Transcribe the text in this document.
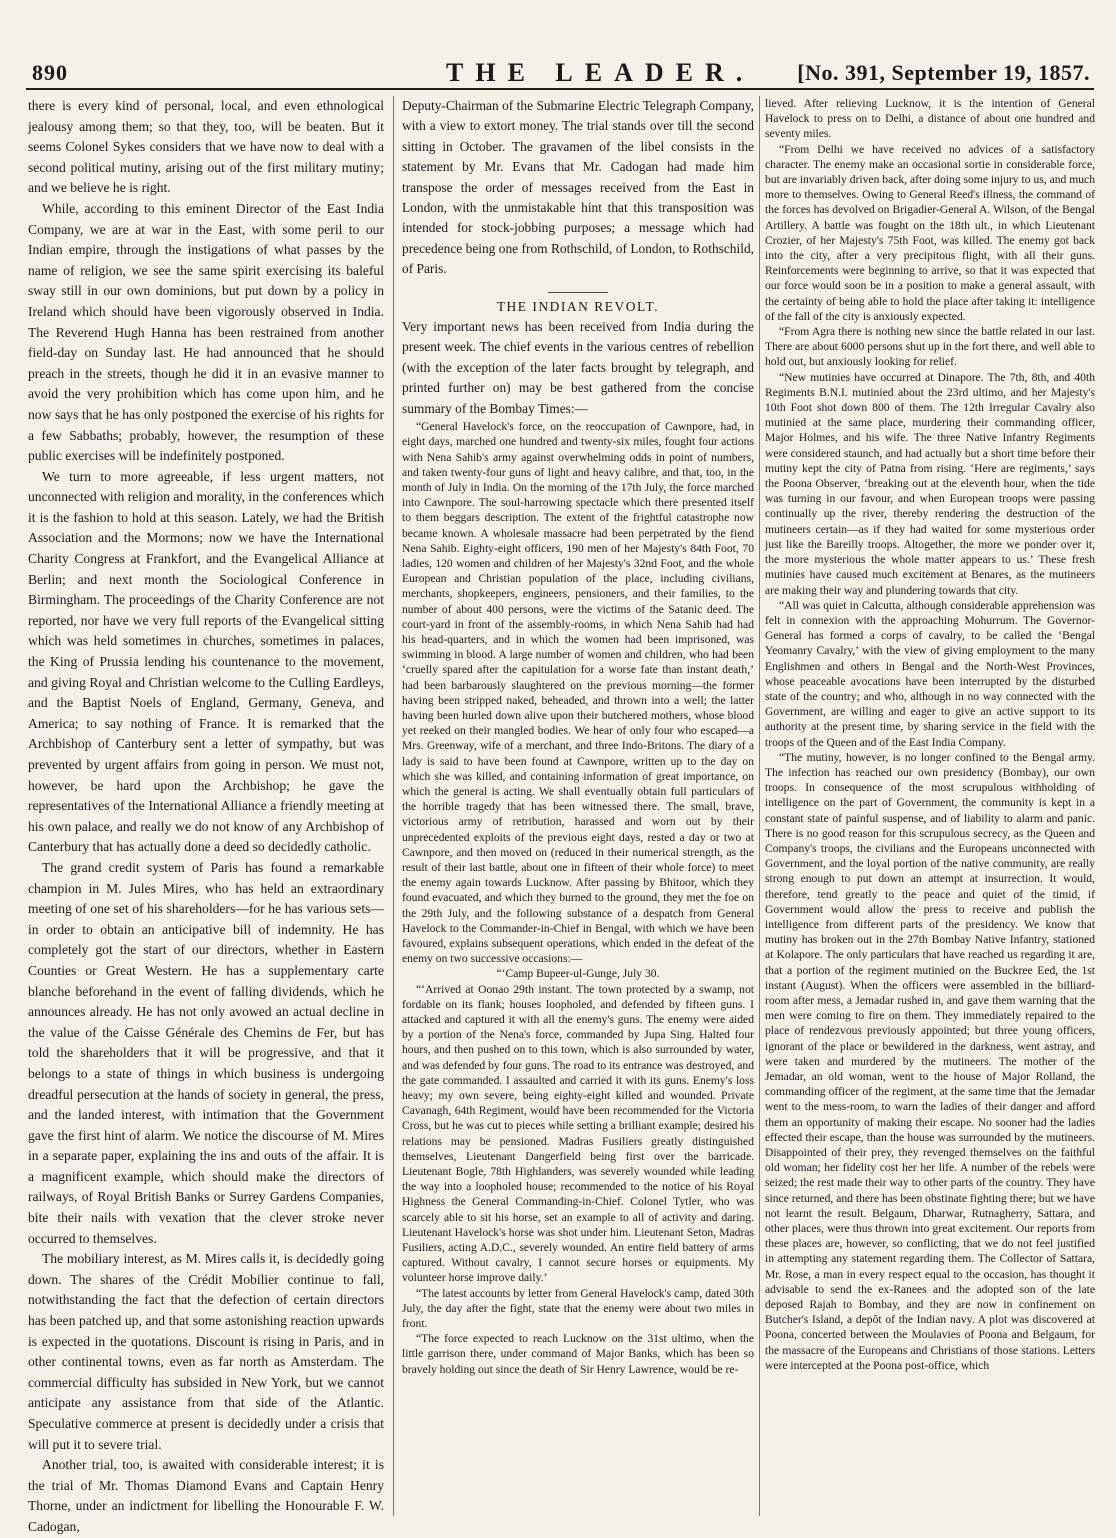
890	THE LEADER. [No. 391, September 19, 1857.

there is every kind of personal, local, and even ethnological jealousy among them; so that they, too, will be beaten. But it seems Colonel Sykes considers that we have now to deal with a second political mutiny, arising out of the first military mutiny; and we believe he is right.

While, according to this eminent Director of the East India Company, we are at war in the East, with some peril to our Indian empire, through the instigations of what passes by the name of religion, we see the same spirit exercising its baleful sway still in our own dominions, but put down by a policy in Ireland which should have been vigorously observed in India. The Reverend Hugh Hanna has been restrained from another field-day on Sunday last. He had announced that he should preach in the streets, though he did it in an evasive manner to avoid the very prohibition which has come upon him, and he now says that he has only postponed the exercise of his rights for a few Sabbaths; probably, however, the resumption of these public exercises will be indefinitely postponed.

We turn to more agreeable, if less urgent matters, not unconnected with religion and morality, in the conferences which it is the fashion to hold at this season. Lately, we had the British Association and the Mormons; now we have the International Charity Congress at Frankfort, and the Evangelical Alliance at Berlin; and next month the Sociological Conference in Birmingham. The proceedings of the Charity Conference are not reported, nor have we very full reports of the Evangelical sitting which was held sometimes in churches, sometimes in palaces, the King of Prussia lending his countenance to the movement, and giving Royal and Christian welcome to the Culling Eardleys, and the Baptist Noels of England, Germany, Geneva, and America; to say nothing of France. It is remarked that the Archbishop of Canterbury sent a letter of sympathy, but was prevented by urgent affairs from going in person. We must not, however, be hard upon the Archbishop; he gave the representatives of the International Alliance a friendly meeting at his own palace, and really we do not know of any Archbishop of Canterbury that has actually done a deed so decidedly catholic.

The grand credit system of Paris has found a remarkable champion in M. Jules Mires, who has held an extraordinary meeting of one set of his shareholders—for he has various sets—in order to obtain an anticipative bill of indemnity. He has completely got the start of our directors, whether in Eastern Counties or Great Western. He has a supplementary carte blanche beforehand in the event of falling dividends, which he announces already. He has not only avowed an actual decline in the value of the Caisse Générale des Chemins de Fer, but has told the shareholders that it will be progressive, and that it belongs to a state of things in which business is undergoing dreadful persecution at the hands of society in general, the press, and the landed interest, with intimation that the Government gave the first hint of alarm. We notice the discourse of M. Mires in a separate paper, explaining the ins and outs of the affair. It is a magnificent example, which should make the directors of railways, of Royal British Banks or Surrey Gardens Companies, bite their nails with vexation that the clever stroke never occurred to themselves.

The mobiliary interest, as M. Mires calls it, is decidedly going down. The shares of the Crédit Mobilier continue to fall, notwithstanding the fact that the defection of certain directors has been patched up, and that some astonishing reaction upwards is expected in the quotations. Discount is rising in Paris, and in other continental towns, even as far north as Amsterdam. The commercial difficulty has subsided in New York, but we cannot anticipate any assistance from that side of the Atlantic. Speculative commerce at present is decidedly under a crisis that will put it to severe trial.

Another trial, too, is awaited with considerable interest; it is the trial of Mr. Thomas Diamond Evans and Captain Henry Thorne, under an indictment for libelling the Honourable F. W. Cadogan,

Deputy-Chairman of the Submarine Electric Telegraph Company, with a view to extort money. The trial stands over till the second sitting in October. The gravamen of the libel consists in the statement by Mr. Evans that Mr. Cadogan had made him transpose the order of messages received from the East in London, with the unmistakable hint that this transposition was intended for stock-jobbing purposes; a message which had precedence being one from Rothschild, of London, to Rothschild, of Paris.

THE INDIAN REVOLT.

Very important news has been received from India during the present week. The chief events in the various centres of rebellion (with the exception of the later facts brought by telegraph, and printed further on) may be best gathered from the concise summary of the Bombay Times:—

“General Havelock's force, on the reoccupation of Cawnpore, had, in eight days, marched one hundred and twenty-six miles, fought four actions with Nena Sahib's army against overwhelming odds in point of numbers, and taken twenty-four guns of light and heavy calibre, and that, too, in the month of July in India. On the morning of the 17th July, the force marched into Cawnpore. The soul-harrowing spectacle which there presented itself to them beggars description. The extent of the frightful catastrophe now became known. A wholesale massacre had been perpetrated by the fiend Nena Sahib. Eighty-eight officers, 190 men of her Majesty's 84th Foot, 70 ladies, 120 women and children of her Majesty's 32nd Foot, and the whole European and Christian population of the place, including civilians, merchants, shopkeepers, engineers, pensioners, and their families, to the number of about 400 persons, were the victims of the Satanic deed. The court-yard in front of the assembly-rooms, in which Nena Sahib had had his head-quarters, and in which the women had been imprisoned, was swimming in blood. A large number of women and children, who had been ‘cruelly spared after the capitulation for a worse fate than instant death,’ had been barbarously slaughtered on the previous morning—the former having been stripped naked, beheaded, and thrown into a well; the latter having been hurled down alive upon their butchered mothers, whose blood yet reeked on their mangled bodies. We hear of only four who escaped—a Mrs. Greenway, wife of a merchant, and three Indo-Britons. The diary of a lady is said to have been found at Cawnpore, written up to the day on which she was killed, and containing information of great importance, on which the general is acting. We shall eventually obtain full particulars of the horrible tragedy that has been witnessed there. The small, brave, victorious army of retribution, harassed and worn out by their unprecedented exploits of the previous eight days, rested a day or two at Cawnpore, and then moved on (reduced in their numerical strength, as the result of their last battle, about one in fifteen of their whole force) to meet the enemy again towards Lucknow. After passing by Bhitoor, which they found evacuated, and which they burned to the ground, they met the foe on the 29th July, and the following substance of a despatch from General Havelock to the Commander-in-Chief in Bengal, with which we have been favoured, explains subsequent operations, which ended in the defeat of the enemy on two successive occasions:—

“‘Camp Bupeer-ul-Gunge, July 30.

“‘Arrived at Oonao 29th instant. The town protected by a swamp, not fordable on its flank; houses loopholed, and defended by fifteen guns. I attacked and captured it with all the enemy's guns. The enemy were aided by a portion of the Nena's force, commanded by Jupa Sing. Halted four hours, and then pushed on to this town, which is also surrounded by water, and was defended by four guns. The road to its entrance was destroyed, and the gate commanded. I assaulted and carried it with its guns. Enemy's loss heavy; my own severe, being eighty-eight killed and wounded. Private Cavanagh, 64th Regiment, would have been recommended for the Victoria Cross, but he was cut to pieces while setting a brilliant example; desired his relations may be pensioned. Madras Fusiliers greatly distinguished themselves, Lieutenant Dangerfield being first over the barricade. Lieutenant Bogle, 78th Highlanders, was severely wounded while leading the way into a loopholed house; recommended to the notice of his Royal Highness the General Commanding-in-Chief. Colonel Tytler, who was scarcely able to sit his horse, set an example to all of activity and daring. Lieutenant Havelock's horse was shot under him. Lieutenant Seton, Madras Fusiliers, acting A.D.C., severely wounded. An entire field battery of arms captured. Without cavalry, I cannot secure horses or equipments. My volunteer horse improve daily.’

“The latest accounts by letter from General Havelock's camp, dated 30th July, the day after the fight, state that the enemy were about two miles in front.

“The force expected to reach Lucknow on the 31st ultimo, when the little garrison there, under command of Major Banks, which has been so bravely holding out since the death of Sir Henry Lawrence, would be re-

lieved. After relieving Lucknow, it is the intention of General Havelock to press on to Delhi, a distance of about one hundred and seventy miles.

“From Delhi we have received no advices of a satisfactory character. The enemy make an occasional sortie in considerable force, but are invariably driven back, after doing some injury to us, and much more to themselves. Owing to General Reed's illness, the command of the forces has devolved on Brigadier-General A. Wilson, of the Bengal Artillery. A battle was fought on the 18th ult., in which Lieutenant Crozier, of her Majesty's 75th Foot, was killed. The enemy got back into the city, after a very precipitous flight, with all their guns. Reinforcements were beginning to arrive, so that it was expected that our force would soon be in a position to make a general assault, with the certainty of being able to hold the place after taking it: intelligence of the fall of the city is anxiously expected.

“From Agra there is nothing new since the battle related in our last. There are about 6000 persons shut up in the fort there, and well able to hold out, but anxiously looking for relief.

“New mutinies have occurred at Dinapore. The 7th, 8th, and 40th Regiments B.N.I. mutinied about the 23rd ultimo, and her Majesty's 10th Foot shot down 800 of them. The 12th Irregular Cavalry also mutinied at the same place, murdering their commanding officer, Major Holmes, and his wife. The three Native Infantry Regiments were considered staunch, and had actually but a short time before their mutiny kept the city of Patna from rising. ‘Here are regiments,’ says the Poona Observer, ‘breaking out at the eleventh hour, when the tide was turning in our favour, and when European troops were passing continually up the river, thereby rendering the destruction of the mutineers certain—as if they had waited for some mysterious order just like the Bareilly troops. Altogether, the more we ponder over it, the more mysterious the whole matter appears to us.’ These fresh mutinies have caused much excitement at Benares, as the mutineers are making their way and plundering towards that city.

“All was quiet in Calcutta, although considerable apprehension was felt in connexion with the approaching Mohurrum. The Governor-General has formed a corps of cavalry, to be called the ‘Bengal Yeomanry Cavalry,’ with the view of giving employment to the many Englishmen and others in Bengal and the North-West Provinces, whose peaceable avocations have been interrupted by the disturbed state of the country; and who, although in no way connected with the Government, are willing and eager to give an active support to its authority at the present time, by sharing service in the field with the troops of the Queen and of the East India Company.

“The mutiny, however, is no longer confined to the Bengal army. The infection has reached our own presidency (Bombay), our own troops. In consequence of the most scrupulous withholding of intelligence on the part of Government, the community is kept in a constant state of painful suspense, and of liability to alarm and panic. There is no good reason for this scrupulous secrecy, as the Queen and Company's troops, the civilians and the Europeans unconnected with Government, and the loyal portion of the native community, are really strong enough to put down an attempt at insurrection. It would, therefore, tend greatly to the peace and quiet of the timid, if Government would allow the press to receive and publish the intelligence from different parts of the presidency. We know that mutiny has broken out in the 27th Bombay Native Infantry, stationed at Kolapore. The only particulars that have reached us regarding it are, that a portion of the regiment mutinied on the Buckree Eed, the 1st instant (August). When the officers were assembled in the billiard-room after mess, a Jemadar rushed in, and gave them warning that the men were coming to fire on them. They immediately repaired to the place of rendezvous previously appointed; but three young officers, ignorant of the place or bewildered in the darkness, went astray, and were taken and murdered by the mutineers. The mother of the Jemadar, an old woman, went to the house of Major Rolland, the commanding officer of the regiment, at the same time that the Jemadar went to the mess-room, to warn the ladies of their danger and afford them an opportunity of making their escape. No sooner had the ladies effected their escape, than the house was surrounded by the mutineers. Disappointed of their prey, they revenged themselves on the faithful old woman; her fidelity cost her her life. A number of the rebels were seized; the rest made their way to other parts of the country. They have since returned, and there has been obstinate fighting there; but we have not learnt the result. Belgaum, Dharwar, Rutnagherry, Sattara, and other places, were thus thrown into great excitement. Our reports from these places are, however, so conflicting, that we do not feel justified in attempting any statement regarding them. The Collector of Sattara, Mr. Rose, a man in every respect equal to the occasion, has thought it advisable to send the ex-Ranees and the adopted son of the late deposed Rajah to Bombay, and they are now in confinement on Butcher's Island, a depôt of the Indian navy. A plot was discovered at Poona, concerted between the Moulavies of Poona and Belgaum, for the massacre of the Europeans and Christians of those stations. Letters were intercepted at the Poona post-office, which
